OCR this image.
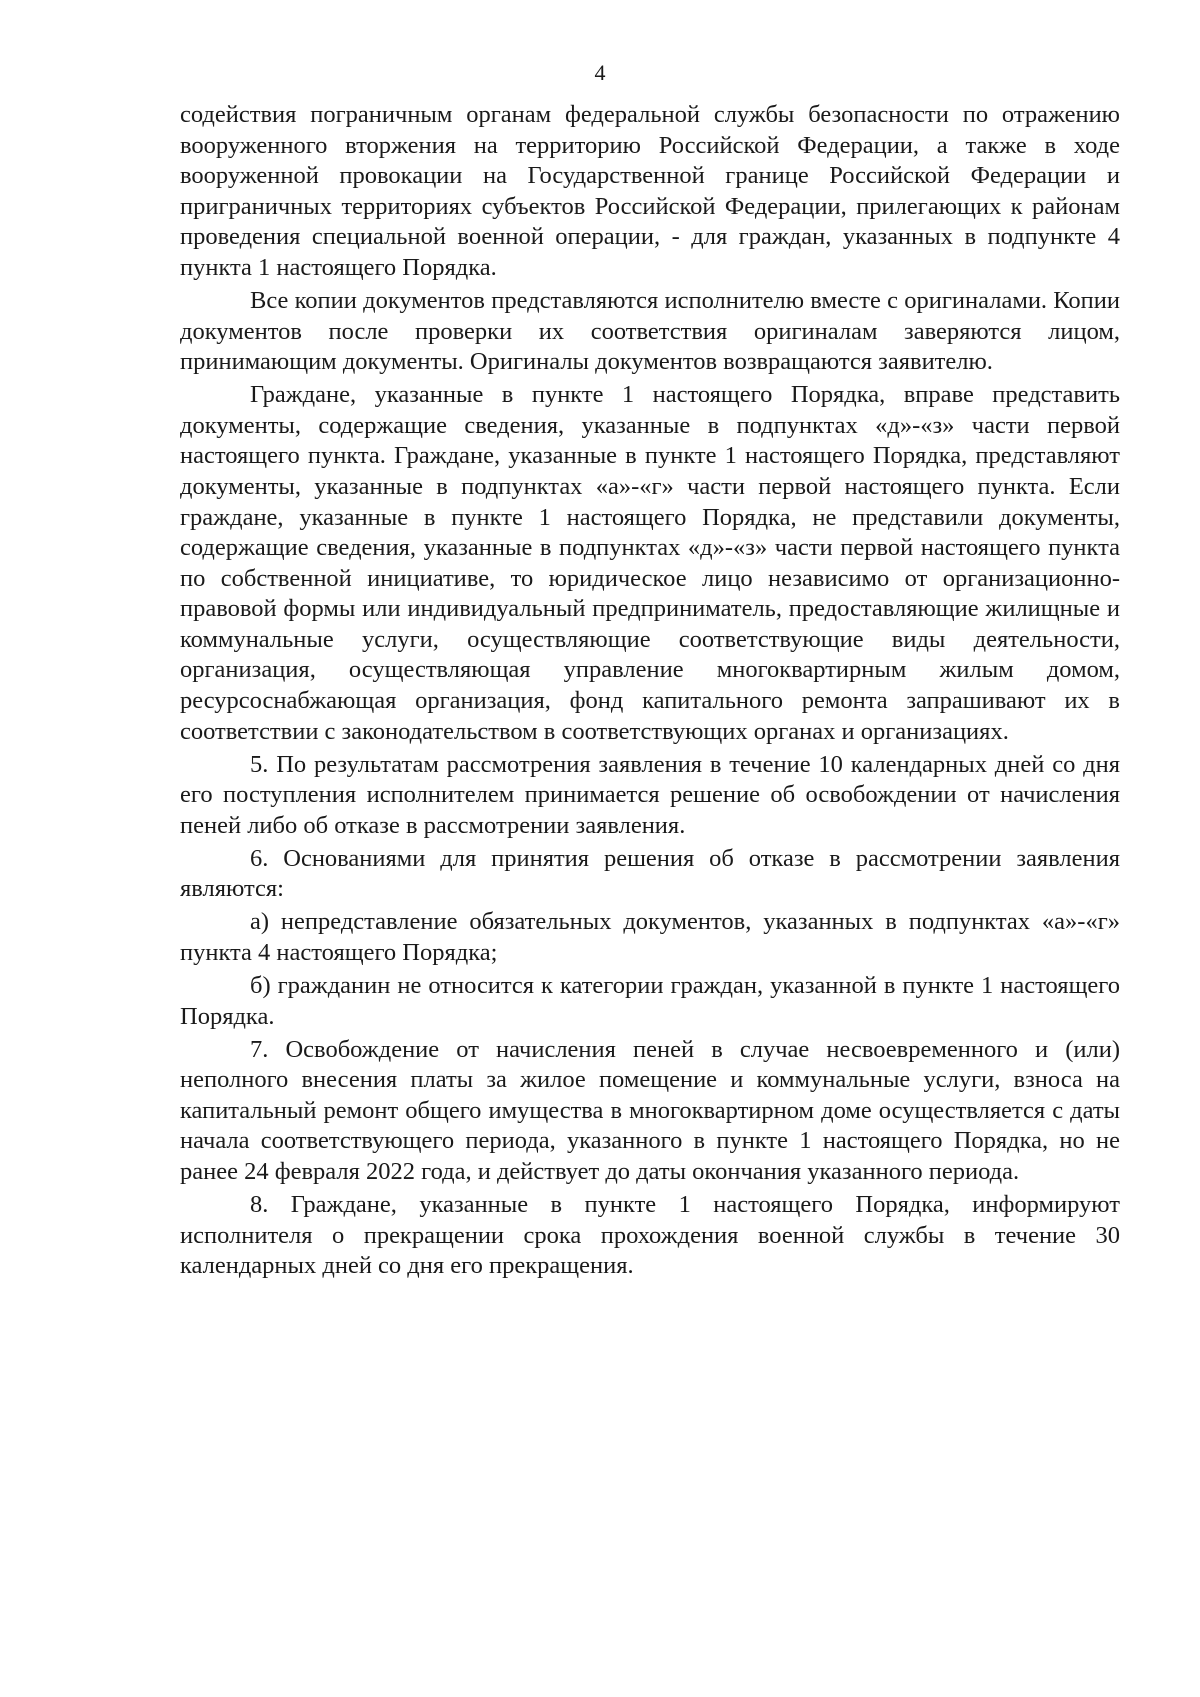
4

содействия пограничным органам федеральной службы безопасности по отражению вооруженного вторжения на территорию Российской Федерации, а также в ходе вооруженной провокации на Государственной границе Российской Федерации и приграничных территориях субъектов Российской Федерации, прилегающих к районам проведения специальной военной операции, - для граждан, указанных в подпункте 4 пункта 1 настоящего Порядка.

Все копии документов представляются исполнителю вместе с оригиналами. Копии документов после проверки их соответствия оригиналам заверяются лицом, принимающим документы. Оригиналы документов возвращаются заявителю.

Граждане, указанные в пункте 1 настоящего Порядка, вправе представить документы, содержащие сведения, указанные в подпунктах «д»-«з» части первой настоящего пункта. Граждане, указанные в пункте 1 настоящего Порядка, представляют документы, указанные в подпунктах «а»-«г» части первой настоящего пункта. Если граждане, указанные в пункте 1 настоящего Порядка, не представили документы, содержащие сведения, указанные в подпунктах «д»-«з» части первой настоящего пункта по собственной инициативе, то юридическое лицо независимо от организационно-правовой формы или индивидуальный предприниматель, предоставляющие жилищные и коммунальные услуги, осуществляющие соответствующие виды деятельности, организация, осуществляющая управление многоквартирным жилым домом, ресурсоснабжающая организация, фонд капитального ремонта запрашивают их в соответствии с законодательством в соответствующих органах и организациях.

5. По результатам рассмотрения заявления в течение 10 календарных дней со дня его поступления исполнителем принимается решение об освобождении от начисления пеней либо об отказе в рассмотрении заявления.

6. Основаниями для принятия решения об отказе в рассмотрении заявления являются:

а) непредставление обязательных документов, указанных в подпунктах «а»-«г» пункта 4 настоящего Порядка;

б) гражданин не относится к категории граждан, указанной в пункте 1 настоящего Порядка.

7. Освобождение от начисления пеней в случае несвоевременного и (или) неполного внесения платы за жилое помещение и коммунальные услуги, взноса на капитальный ремонт общего имущества в многоквартирном доме осуществляется с даты начала соответствующего периода, указанного в пункте 1 настоящего Порядка, но не ранее 24 февраля 2022 года, и действует до даты окончания указанного периода.

8. Граждане, указанные в пункте 1 настоящего Порядка, информируют исполнителя о прекращении срока прохождения военной службы в течение 30 календарных дней со дня его прекращения.
